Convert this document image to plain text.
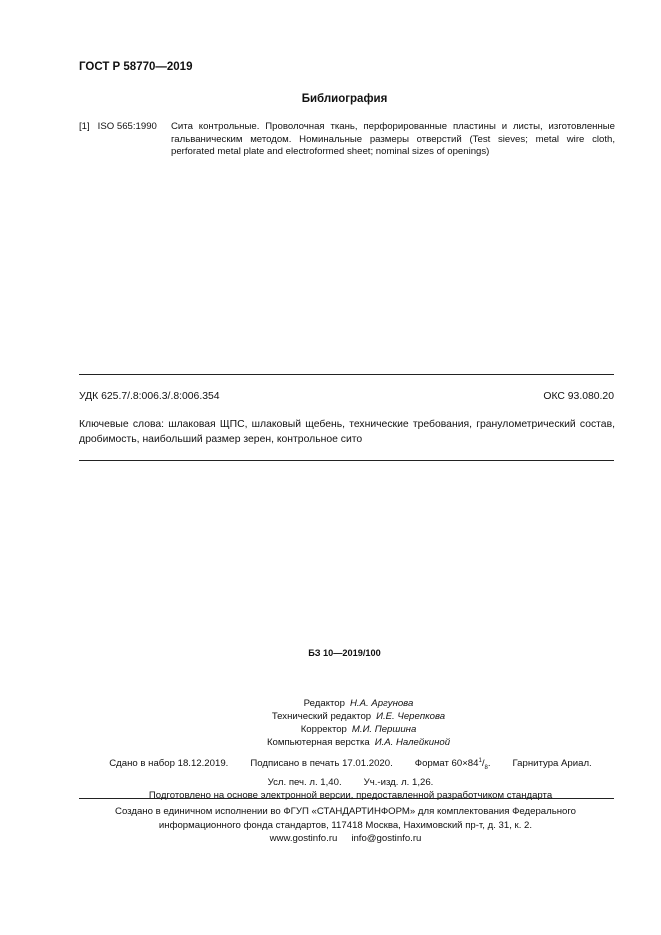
ГОСТ Р 58770—2019
Библиография
[1] ISO 565:1990	Сита контрольные. Проволочная ткань, перфорированные пластины и листы, изготовленные гальваническим методом. Номинальные размеры отверстий (Test sieves; metal wire cloth, perforated metal plate and electroformed sheet; nominal sizes of openings)
УДК 625.7/.8:006.3/.8:006.354	ОКС 93.080.20
Ключевые слова: шлаковая ЩПС, шлаковый щебень, технические требования, гранулометрический состав, дробимость, наибольший размер зерен, контрольное сито
БЗ 10—2019/100
Редактор Н.А. Аргунова
Технический редактор И.Е. Черепкова
Корректор М.И. Першина
Компьютерная верстка И.А. Налейкиной
Сдано в набор 18.12.2019. Подписано в печать 17.01.2020. Формат $60\times 84^1/_8$. Гарнитура Ариал.
Усл. печ. л. 1,40. Уч.-изд. л. 1,26.
Подготовлено на основе электронной версии, предоставленной разработчиком стандарта
Создано в единичном исполнении во ФГУП «СТАНДАРТИНФОРМ» для комплектования Федерального
информационного фонда стандартов, 117418 Москва, Нахимовский пр-т, д. 31, к. 2.
www.gostinfo.ru info@gostinfo.ru
